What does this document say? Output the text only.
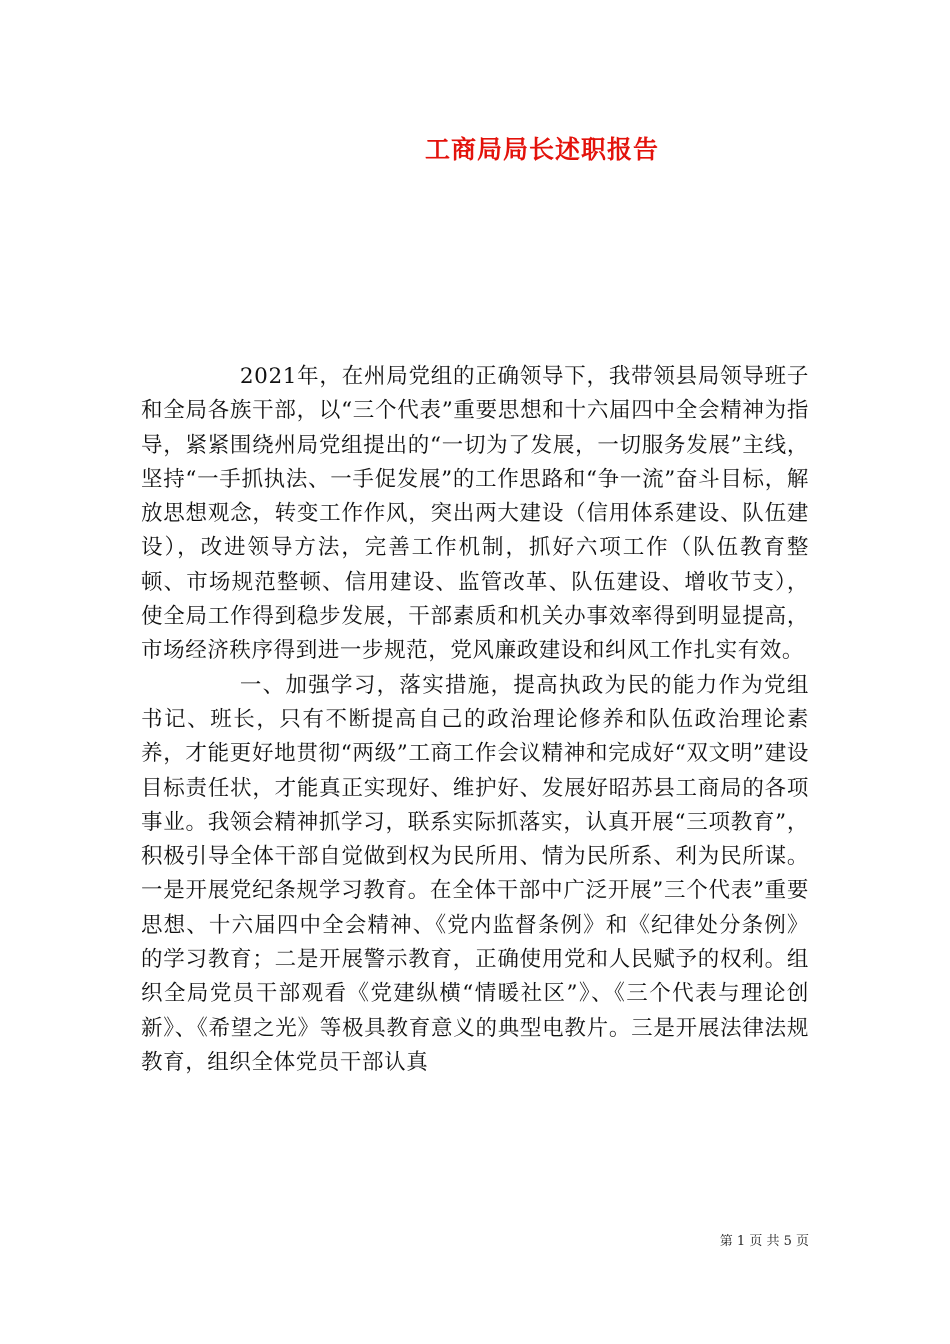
工商局局长述职报告

2021年，在州局党组的正确领导下，我带领县局领导班子和全局各族干部，以“三个代表”重要思想和十六届四中全会精神为指导，紧紧围绕州局党组提出的“一切为了发展，一切服务发展”主线，坚持“一手抓执法、一手促发展”的工作思路和“争一流”奋斗目标，解放思想观念，转变工作作风，突出两大建设（信用体系建设、队伍建设），改进领导方法，完善工作机制，抓好六项工作（队伍教育整顿、市场规范整顿、信用建设、监管改革、队伍建设、增收节支），使全局工作得到稳步发展，干部素质和机关办事效率得到明显提高，市场经济秩序得到进一步规范，党风廉政建设和纠风工作扎实有效。

一、加强学习，落实措施，提高执政为民的能力作为党组书记、班长，只有不断提高自己的政治理论修养和队伍政治理论素养，才能更好地贯彻“两级”工商工作会议精神和完成好“双文明”建设目标责任状，才能真正实现好、维护好、发展好昭苏县工商局的各项事业。我领会精神抓学习，联系实际抓落实，认真开展“三项教育”，积极引导全体干部自觉做到权为民所用、情为民所系、利为民所谋。一是开展党纪条规学习教育。在全体干部中广泛开展”三个代表”重要思想、十六届四中全会精神、《党内监督条例》和《纪律处分条例》的学习教育；二是开展警示教育，正确使用党和人民赋予的权利。组织全局党员干部观看《党建纵横“情暖社区”》、《三个代表与理论创新》、《希望之光》等极具教育意义的典型电教片。三是开展法律法规教育，组织全体党员干部认真

第 1 页 共 5 页
